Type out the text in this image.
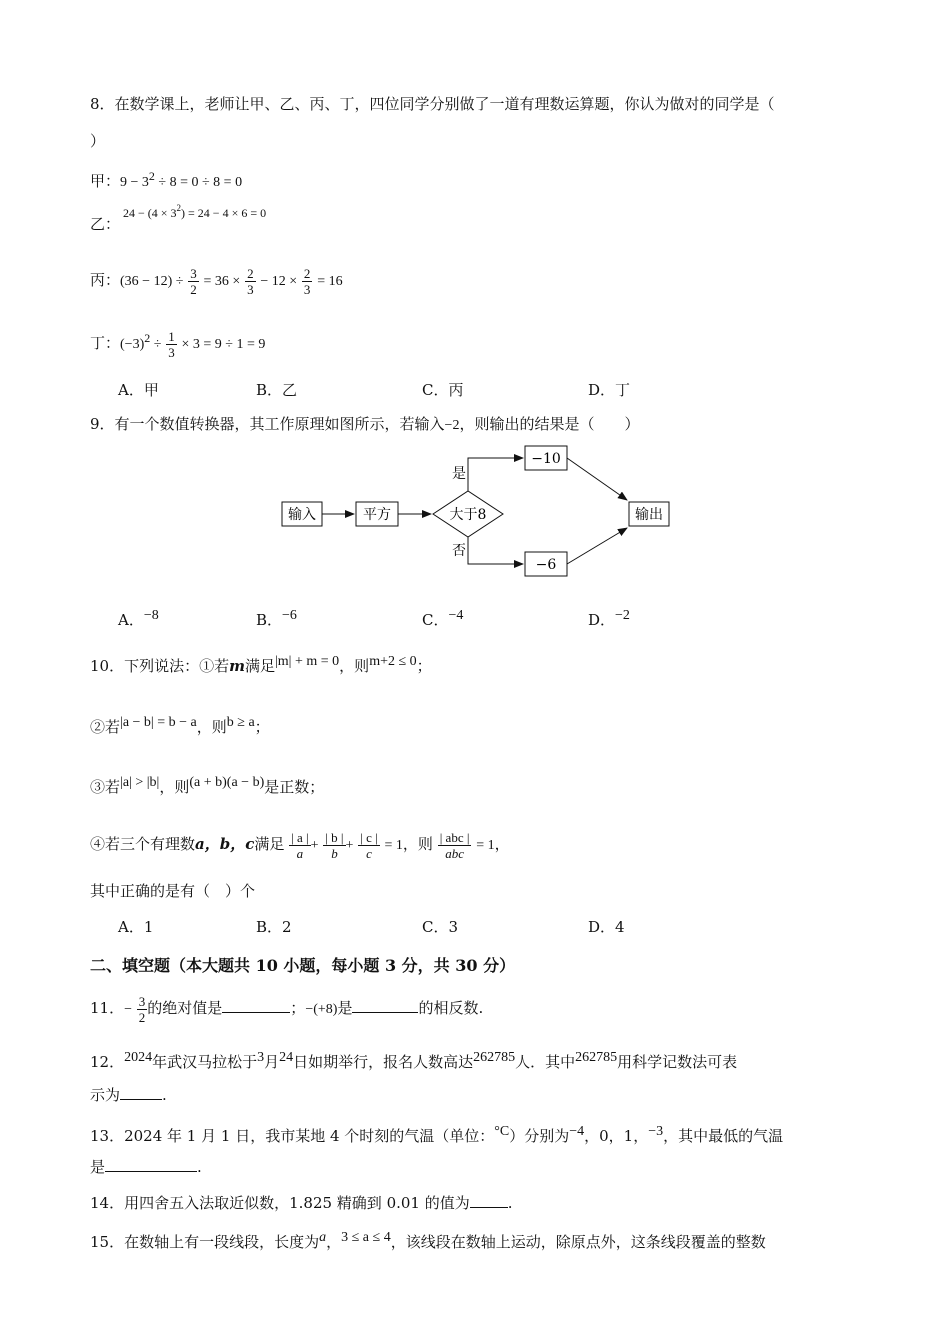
8．在数学课上，老师让甲、乙、丙、丁，四位同学分别做了一道有理数运算题，你认为做对的同学是（
）
甲：$9 - 3^2 \div 8 = 0 \div 8 = 0$
$24 - (4 \times 3^2) = 24 - 4 \times 6 = 0$
乙：
丙：$(36 - 12) \div \frac{3}{2} = 36 \times \frac{2}{3} - 12 \times \frac{2}{3} = 16$
丁：$(-3)^2 \div \frac{1}{3} \times 3 = 9 \div 1 = 9$
A．甲	B．乙	C．丙	D．丁
9．有一个数值转换器，其工作原理如图所示，若输入−2，则输出的结果是（　　）
输入	平方	大于8
是
否
−10
−6
输出
A．$^{-8}$	B．$^{-6}$	C．$^{-4}$	D．$^{-2}$
10．下列说法：①若m满足$^{|m| + m = 0}$，则$^{m+2 \le 0}$；
②若$^{|a - b| = b - a}$，则$^{b \ge a}$；
③若$^{|a| > |b|}$，则$^{(a + b)(a - b)}$是正数；
④若三个有理数a，b，c满足 $\frac{| a |}{a}+ \frac{| b |}{b}+ \frac{| c |}{c} = 1$，则 $\frac{\text{| abc |}}{\text{abc}} = 1$，
其中正确的是有（　）个
A．1	B．2	C．3	D．4
二、填空题（本大题共 10 小题，每小题 3 分，共 30 分）
11．− $\frac{3}{2}$ 的绝对值是	；−(+8)是	的相反数.
12．$^{2024}$年武汉马拉松于$^3$月$^{24}$日如期举行，报名人数高达$^{262785}$人．其中$^{262785}$用科学记数法可表
示为	.
13．2024 年 1 月 1 日，我市某地 4 个时刻的气温（单位：$^{^\circ C}$）分别为$^{-4}$，0，1，$^{-3}$，其中最低的气温
是	.
14．用四舍五入法取近似数，1.825 精确到 0.01 的值为	.
15．在数轴上有一段线段，长度为$^a$，$^{3 \le a \le 4}$，该线段在数轴上运动，除原点外，这条线段覆盖的整数
